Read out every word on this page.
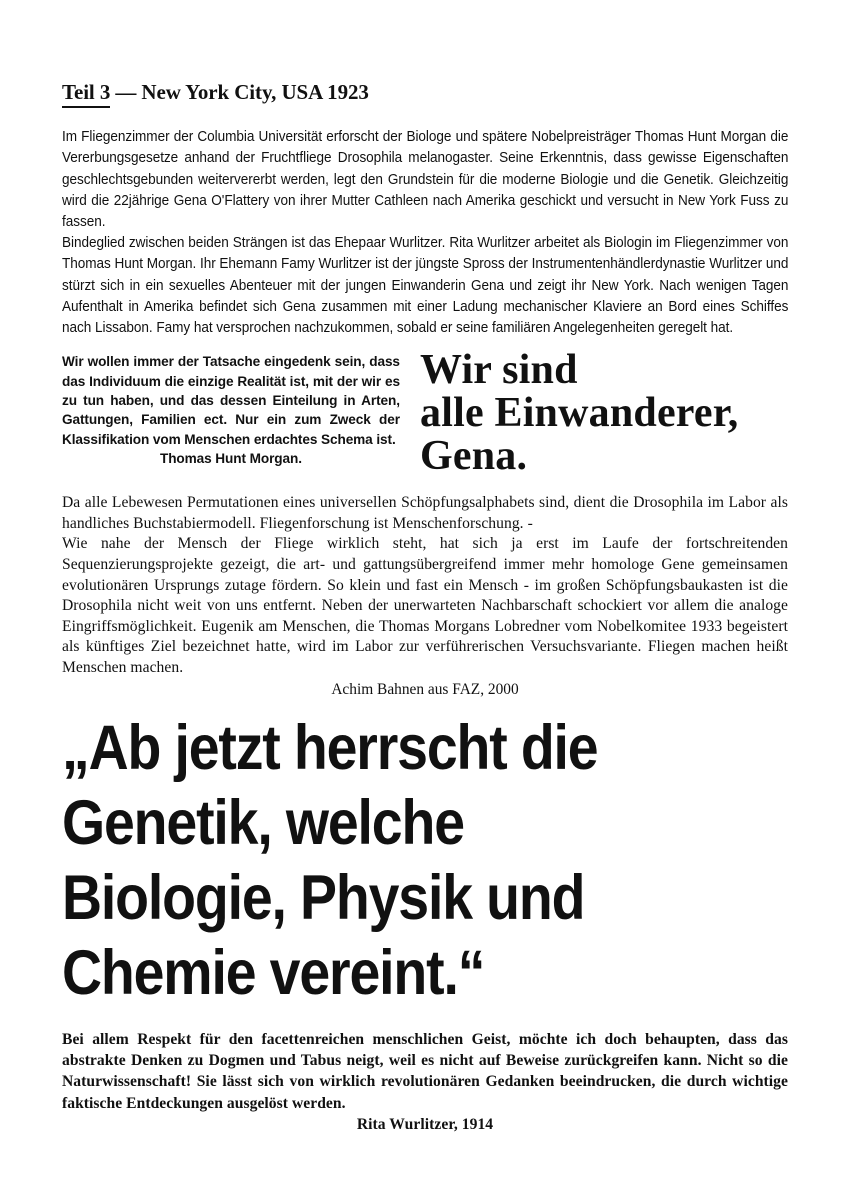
Teil 3 — New York City, USA 1923

Im Fliegenzimmer der Columbia Universität erforscht der Biologe und spätere Nobelpreisträger Thomas Hunt Morgan die Vererbungsgesetze anhand der Fruchtfliege Drosophila melanogaster. Seine Erkenntnis, dass gewisse Eigenschaften geschlechtsgebunden weitervererbt werden, legt den Grundstein für die moderne Biologie und die Genetik. Gleichzeitig wird die 22jährige Gena O'Flattery von ihrer Mutter Cathleen nach Amerika geschickt und versucht in New York Fuss zu fassen.

Bindeglied zwischen beiden Strängen ist das Ehepaar Wurlitzer. Rita Wurlitzer arbeitet als Biologin im Fliegenzimmer von Thomas Hunt Morgan. Ihr Ehemann Famy Wurlitzer ist der jüngste Spross der Instrumentenhändlerdynastie Wurlitzer und stürzt sich in ein sexuelles Abenteuer mit der jungen Einwanderin Gena und zeigt ihr New York. Nach wenigen Tagen Aufenthalt in Amerika befindet sich Gena zusammen mit einer Ladung mechanischer Klaviere an Bord eines Schiffes nach Lissabon. Famy hat versprochen nachzukommen, sobald er seine familiären Angelegenheiten geregelt hat.

Wir wollen immer der Tatsache eingedenk sein, dass das Individuum die einzige Realität ist, mit der wir es zu tun haben, und das dessen Einteilung in Arten, Gattungen, Familien ect. Nur ein zum Zweck der Klassifikation vom Menschen erdachtes Schema ist.

Thomas Hunt Morgan.

Wir sind
alle Einwanderer,
Gena.

Da alle Lebewesen Permutationen eines universellen Schöpfungsalphabets sind, dient die Drosophila im Labor als handliches Buchstabiermodell. Fliegenforschung ist Menschenforschung. -

Wie nahe der Mensch der Fliege wirklich steht, hat sich ja erst im Laufe der fortschreitenden Sequenzierungsprojekte gezeigt, die art- und gattungsübergreifend immer mehr homologe Gene gemeinsamen evolutionären Ursprungs zutage fördern. So klein und fast ein Mensch - im großen Schöpfungsbaukasten ist die Drosophila nicht weit von uns entfernt. Neben der unerwarteten Nachbarschaft schockiert vor allem die analoge Eingriffsmöglichkeit. Eugenik am Menschen, die Thomas Morgans Lobredner vom Nobelkomitee 1933 begeistert als künftiges Ziel bezeichnet hatte, wird im Labor zur verführerischen Versuchsvariante. Fliegen machen heißt Menschen machen.

Achim Bahnen aus FAZ, 2000

„Ab jetzt herrscht die
Genetik, welche
Biologie, Physik und
Chemie vereint.“

Bei allem Respekt für den facettenreichen menschlichen Geist, möchte ich doch behaupten, dass das abstrakte Denken zu Dogmen und Tabus neigt, weil es nicht auf Beweise zurückgreifen kann. Nicht so die Naturwissenschaft! Sie lässt sich von wirklich revolutionären Gedanken beeindrucken, die durch wichtige faktische Entdeckungen ausgelöst werden.

Rita Wurlitzer, 1914
